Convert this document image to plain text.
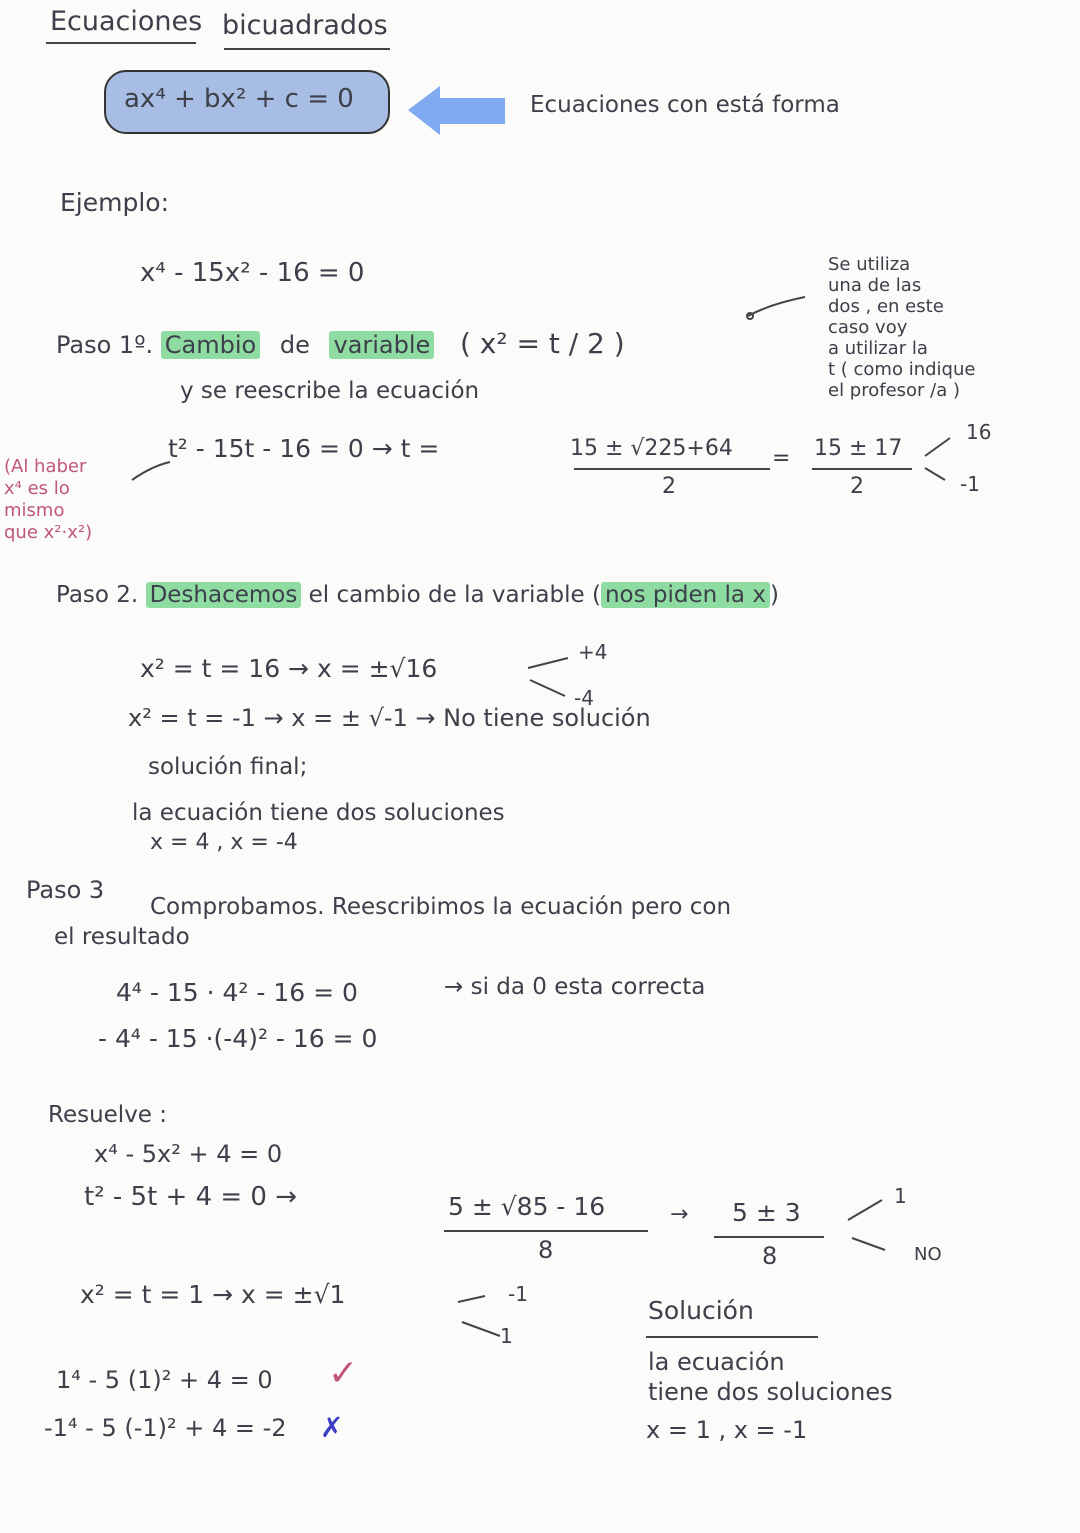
Ecuaciones bicuadrados
ax⁴ + bx² + c = 0	Ecuaciones con está forma
Ejemplo:
x⁴ - 15x² - 16 = 0	Se utiliza
una de las
dos , en este
caso voy
a utilizar la
t ( como indique
el profesor /a )
Paso 1º. Cambio de variable ( x² = t / 2 )
y se reescribe la ecuación
(Al haber
x⁴ es lo
mismo
que x²·x²)
t² - 15t - 16 = 0 → t =	15 ± √225+64
2
= 15 ± 17
2
16
-1
Paso 2. Deshacemos el cambio de la variable ( nos piden la x )
x² = t = 16 → x = ±√16
+4
-4
x² = t = -1 → x = ± √-1 → No tiene solución
solución final;
la ecuación tiene dos soluciones
x = 4 , x = -4
Paso 3
Comprobamos. Reescribimos la ecuación pero con
el resultado
4⁴ - 15 · 4² - 16 = 0	→ si da 0 esta correcta
- 4⁴ - 15 ·(-4)² - 16 = 0
Resuelve :
x⁴ - 5x² + 4 = 0
t² - 5t + 4 = 0 →	5 ± √85 - 16
8
→ 5 ± 3
8
1
NO
x² = t = 1 → x = ±√1	-1
1
1⁴ - 5 (1)² + 4 = 0 ✓
-1⁴ - 5 (-1)² + 4 = -2 ✗
Solución
la ecuación
tiene dos soluciones
x = 1 , x = -1
